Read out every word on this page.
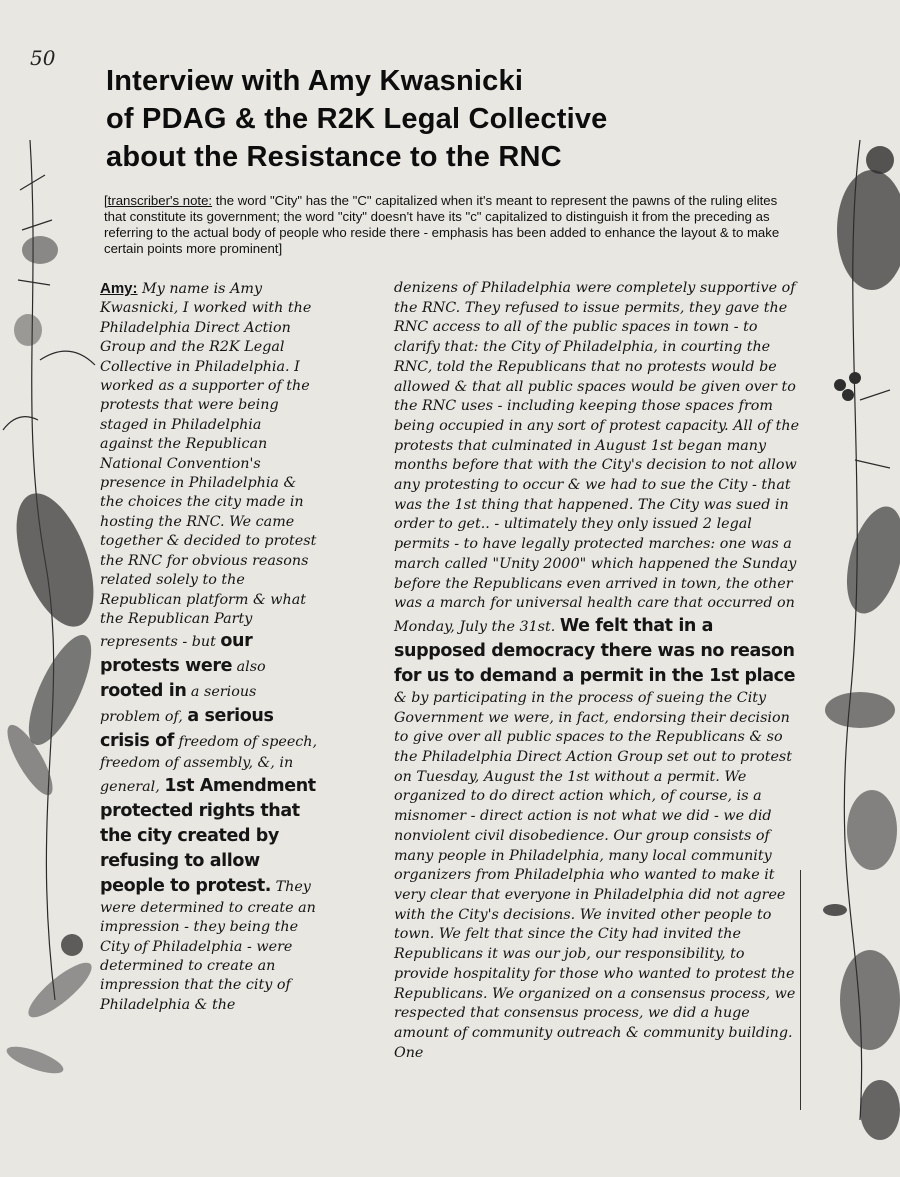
50
Interview with Amy Kwasnicki
of PDAG & the R2K Legal Collective
about the Resistance to the RNC

[transcriber's note: the word "City" has the "C" capitalized when it's meant to represent the pawns of the ruling elites that constitute its government; the word "city" doesn't have its "c" capitalized to distinguish it from the preceding as referring to the actual body of people who reside there - emphasis has been added to enhance the layout & to make certain points more prominent]

Amy: My name is Amy Kwasnicki, I worked with the Philadelphia Direct Action Group and the R2K Legal Collective in Philadelphia. I worked as a supporter of the protests that were being staged in Philadelphia against the Republican National Convention's presence in Philadelphia & the choices the city made in hosting the RNC. We came together & decided to protest the RNC for obvious reasons related solely to the Republican platform & what the Republican Party represents - but our protests were also rooted in a serious problem of, a serious crisis of freedom of speech, freedom of assembly, &, in general, 1st Amendment protected rights that the city created by refusing to allow people to protest. They were determined to create an impression - they being the City of Philadelphia - were determined to create an impression that the city of Philadelphia & the
denizens of Philadelphia were completely supportive of the RNC. They refused to issue permits, they gave the RNC access to all of the public spaces in town - to clarify that: the City of Philadelphia, in courting the RNC, told the Republicans that no protests would be allowed & that all public spaces would be given over to the RNC uses - including keeping those spaces from being occupied in any sort of protest capacity. All of the protests that culminated in August 1st began many months before that with the City's decision to not allow any protesting to occur & we had to sue the City - that was the 1st thing that happened. The City was sued in order to get.. - ultimately they only issued 2 legal permits - to have legally protected marches: one was a march called "Unity 2000" which happened the Sunday before the Republicans even arrived in town, the other was a march for universal health care that occurred on Monday, July the 31st. We felt that in a supposed democracy there was no reason for us to demand a permit in the 1st place & by participating in the process of sueing the City Government we were, in fact, endorsing their decision to give over all public spaces to the Republicans & so the Philadelphia Direct Action Group set out to protest on Tuesday, August the 1st without a permit. We organized to do direct action which, of course, is a misnomer - direct action is not what we did - we did nonviolent civil disobedience. Our group consists of many people in Philadelphia, many local community organizers from Philadelphia who wanted to make it very clear that everyone in Philadelphia did not agree with the City's decisions. We invited other people to town. We felt that since the City had invited the Republicans it was our job, our responsibility, to provide hospitality for those who wanted to protest the Republicans. We organized on a consensus process, we respected that consensus process, we did a huge amount of community outreach & community building. One
